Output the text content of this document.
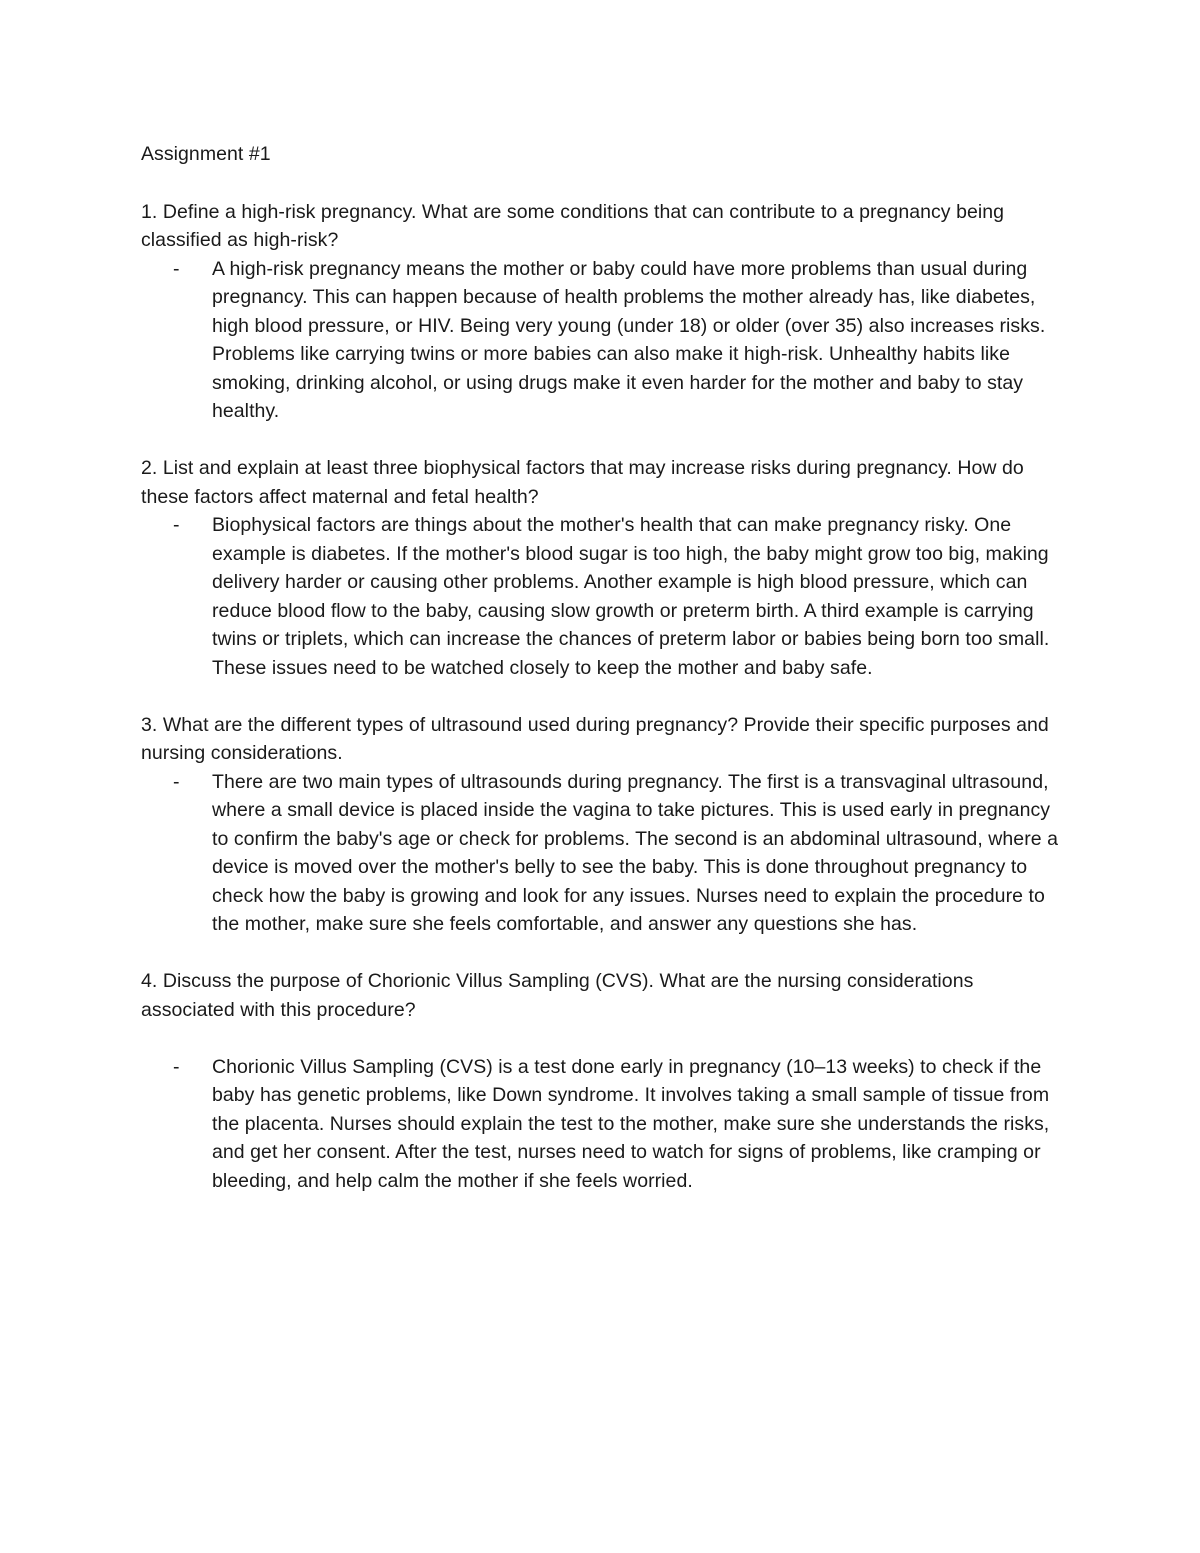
Assignment #1

1. Define a high-risk pregnancy. What are some conditions that can contribute to a pregnancy being classified as high-risk?

- A high-risk pregnancy means the mother or baby could have more problems than usual during pregnancy. This can happen because of health problems the mother already has, like diabetes, high blood pressure, or HIV. Being very young (under 18) or older (over 35) also increases risks. Problems like carrying twins or more babies can also make it high-risk. Unhealthy habits like smoking, drinking alcohol, or using drugs make it even harder for the mother and baby to stay healthy.

2. List and explain at least three biophysical factors that may increase risks during pregnancy. How do these factors affect maternal and fetal health?

- Biophysical factors are things about the mother's health that can make pregnancy risky. One example is diabetes. If the mother's blood sugar is too high, the baby might grow too big, making delivery harder or causing other problems. Another example is high blood pressure, which can reduce blood flow to the baby, causing slow growth or preterm birth. A third example is carrying twins or triplets, which can increase the chances of preterm labor or babies being born too small. These issues need to be watched closely to keep the mother and baby safe.

3. What are the different types of ultrasound used during pregnancy? Provide their specific purposes and nursing considerations.

- There are two main types of ultrasounds during pregnancy. The first is a transvaginal ultrasound, where a small device is placed inside the vagina to take pictures. This is used early in pregnancy to confirm the baby's age or check for problems. The second is an abdominal ultrasound, where a device is moved over the mother's belly to see the baby. This is done throughout pregnancy to check how the baby is growing and look for any issues. Nurses need to explain the procedure to the mother, make sure she feels comfortable, and answer any questions she has.

4. Discuss the purpose of Chorionic Villus Sampling (CVS). What are the nursing considerations associated with this procedure?

- Chorionic Villus Sampling (CVS) is a test done early in pregnancy (10–13 weeks) to check if the baby has genetic problems, like Down syndrome. It involves taking a small sample of tissue from the placenta. Nurses should explain the test to the mother, make sure she understands the risks, and get her consent. After the test, nurses need to watch for signs of problems, like cramping or bleeding, and help calm the mother if she feels worried.
